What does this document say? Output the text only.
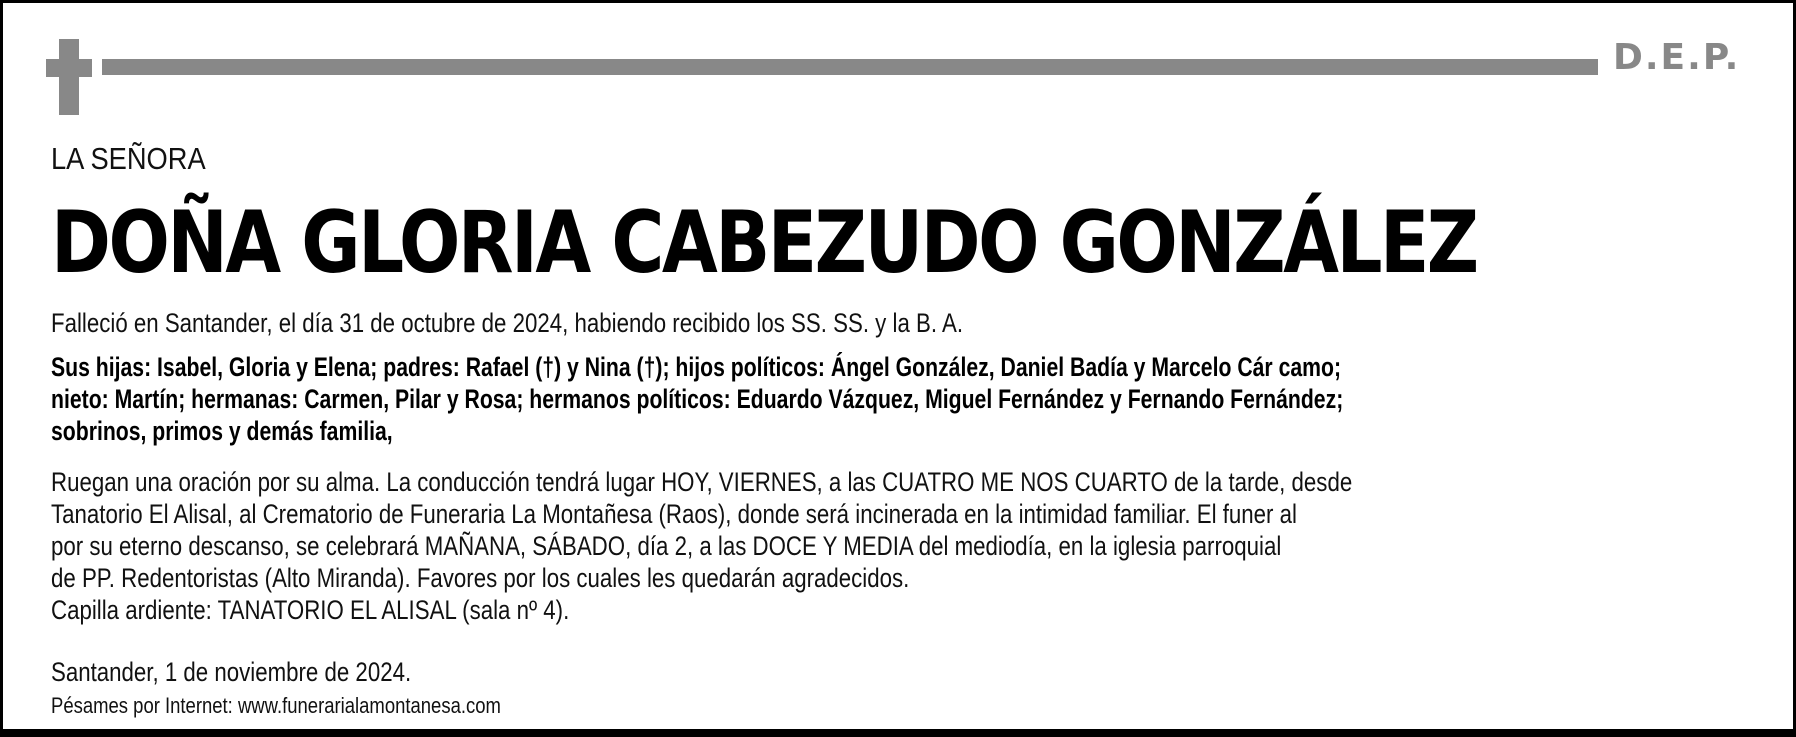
D.E.P.
LA SEÑORA
DOÑA GLORIA CABEZUDO GONZÁLEZ
Falleció en Santander, el día 31 de octubre de 2024, habiendo recibido los SS. SS. y la B. A.
Sus hijas: Isabel, Gloria y Elena; padres: Rafael (†) y Nina (†); hijos políticos: Ángel González, Daniel Badía y Marcelo Cár camo;
nieto: Martín; hermanas: Carmen, Pilar y Rosa; hermanos políticos: Eduardo Vázquez, Miguel Fernández y Fernando Fernández;
sobrinos, primos y demás familia,
Ruegan una oración por su alma. La conducción tendrá lugar HOY, VIERNES, a las CUATRO ME NOS CUARTO de la tarde, desde
Tanatorio El Alisal, al Crematorio de Funeraria La Montañesa (Raos), donde será incinerada en la intimidad familiar. El funer al
por su eterno descanso, se celebrará MAÑANA, SÁBADO, día 2, a las DOCE Y MEDIA del mediodía, en la iglesia parroquial
de PP. Redentoristas (Alto Miranda). Favores por los cuales les quedarán agradecidos.
Capilla ardiente: TANATORIO EL ALISAL (sala nº 4).
Santander, 1 de noviembre de 2024.
Pésames por Internet: www.funerarialamontanesa.com
